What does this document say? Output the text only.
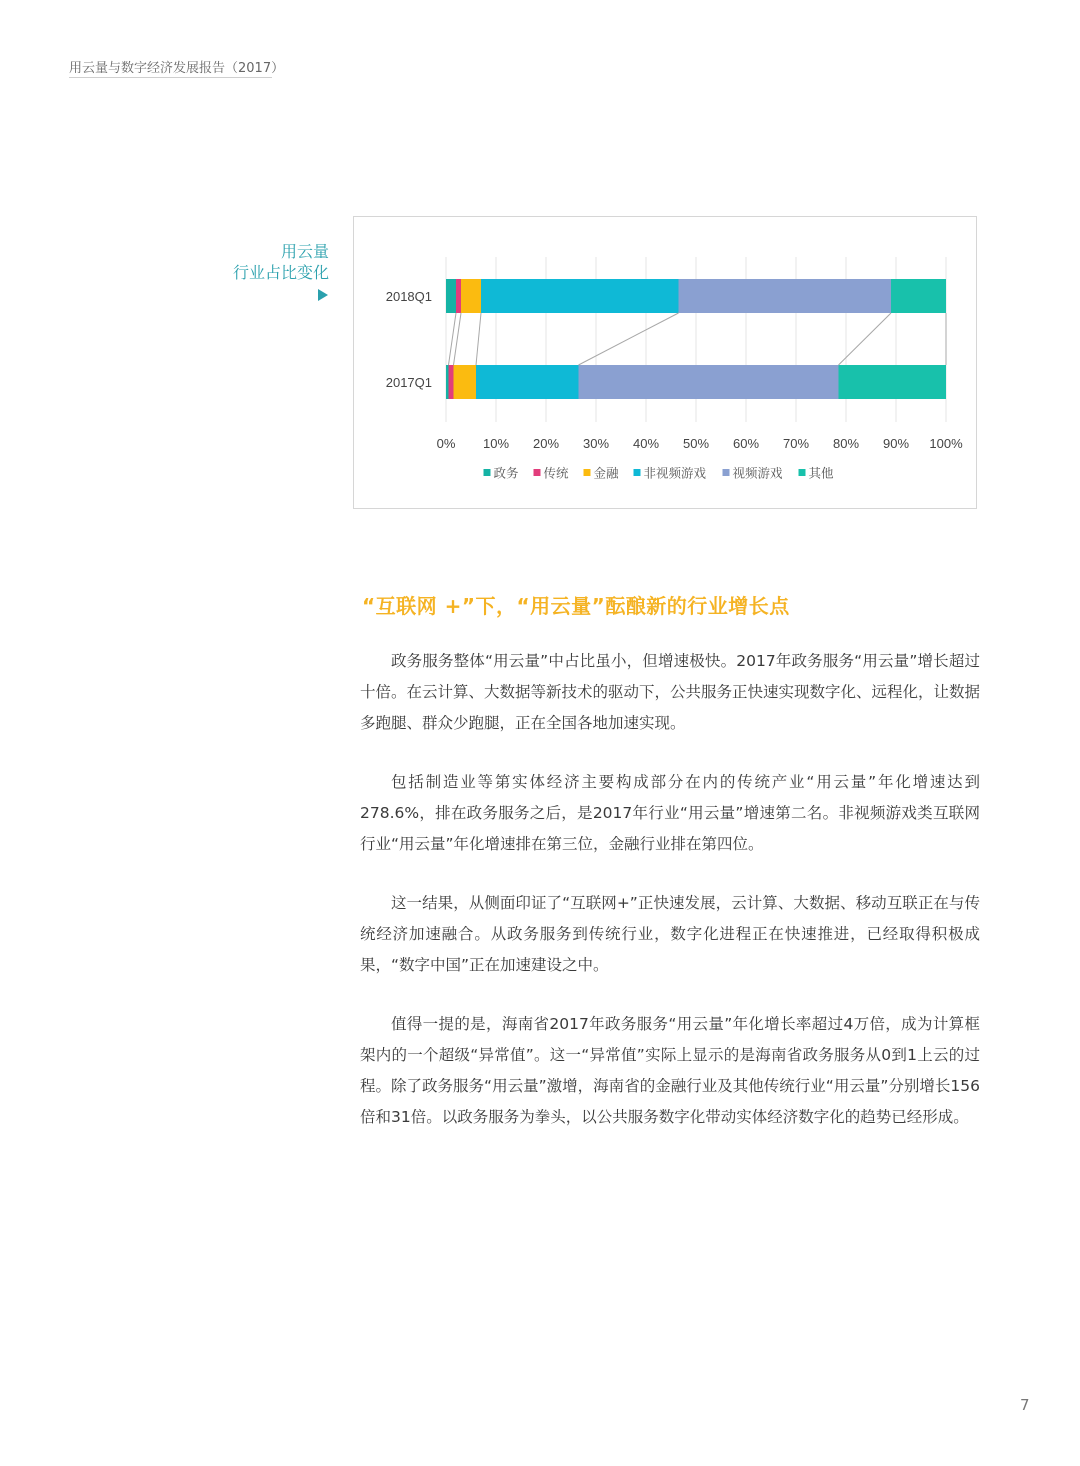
用云量与数字经济发展报告（2017）
用云量
行业占比变化
2018Q1
2017Q1
0% 10% 20% 30% 40% 50% 60% 70% 80% 90% 100%
政务 传统 金融 非视频游戏 视频游戏 其他
“互联网 +”下，“用云量”酝酿新的行业增长点

政务服务整体“用云量”中占比虽小，但增速极快。2017年政务服务“用云量”增长超过十倍。在云计算、大数据等新技术的驱动下，公共服务正快速实现数字化、远程化，让数据多跑腿、群众少跑腿，正在全国各地加速实现。

包括制造业等第实体经济主要构成部分在内的传统产业“用云量”年化增速达到278.6%，排在政务服务之后，是2017年行业“用云量”增速第二名。非视频游戏类互联网行业“用云量”年化增速排在第三位，金融行业排在第四位。

这一结果，从侧面印证了“互联网+”正快速发展，云计算、大数据、移动互联正在与传统经济加速融合。从政务服务到传统行业，数字化进程正在快速推进，已经取得积极成果，“数字中国”正在加速建设之中。

值得一提的是，海南省2017年政务服务“用云量”年化增长率超过4万倍，成为计算框架内的一个超级“异常值”。这一“异常值”实际上显示的是海南省政务服务从0到1上云的过程。除了政务服务“用云量”激增，海南省的金融行业及其他传统行业“用云量”分别增长156倍和31倍。以政务服务为拳头，以公共服务数字化带动实体经济数字化的趋势已经形成。

7
